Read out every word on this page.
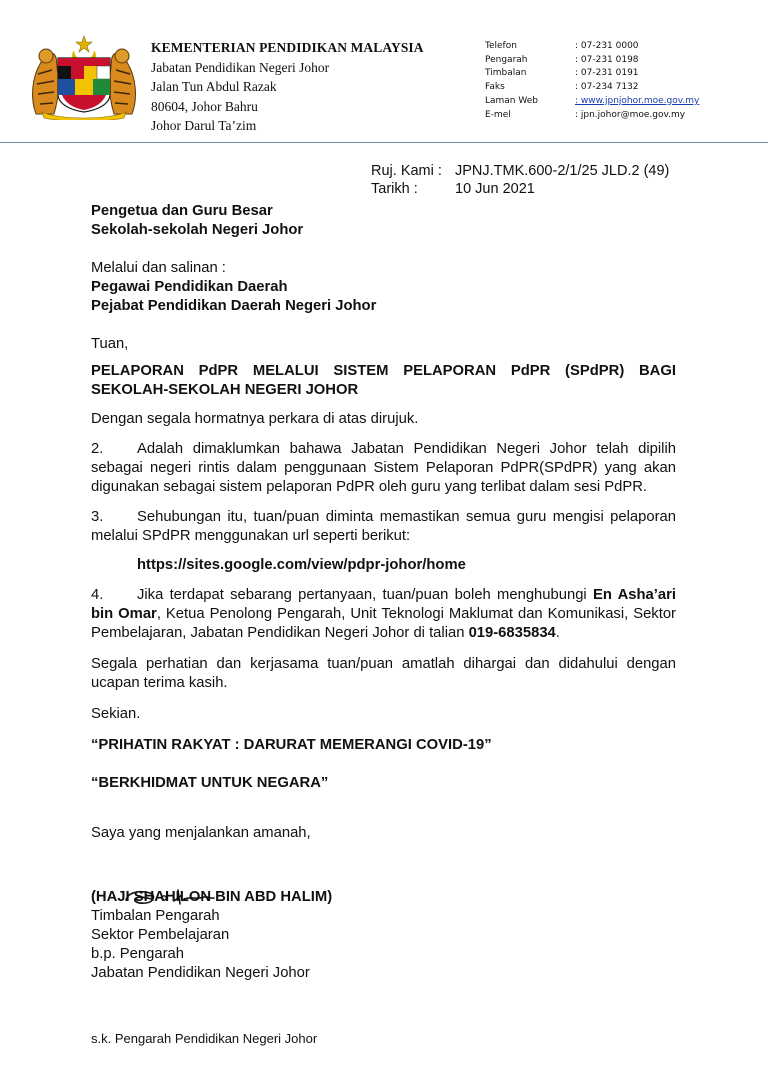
KEMENTERIAN PENDIDIKAN MALAYSIA
Jabatan Pendidikan Negeri Johor
Jalan Tun Abdul Razak
80604, Johor Bahru
Johor Darul Ta’zim
Telefon	: 07-231 0000
Pengarah	: 07-231 0198
Timbalan	: 07-231 0191
Faks	: 07-234 7132
Laman Web	: www.jpnjohor.moe.gov.my
E-mel	: jpn.johor@moe.gov.my
Ruj. Kami : JPNJ.TMK.600-2/1/25 JLD.2 (49)
Tarikh :	10 Jun 2021

Pengetua dan Guru Besar

Sekolah-sekolah Negeri Johor

Melalui dan salinan :

Pegawai Pendidikan Daerah

Pejabat Pendidikan Daerah Negeri Johor

Tuan,

PELAPORAN PdPR MELALUI SISTEM PELAPORAN PdPR (SPdPR) BAGI

SEKOLAH-SEKOLAH NEGERI JOHOR

Dengan segala hormatnya perkara di atas dirujuk.

2. Adalah dimaklumkan bahawa Jabatan Pendidikan Negeri Johor telah dipilih sebagai negeri rintis dalam penggunaan Sistem Pelaporan PdPR(SPdPR) yang akan digunakan sebagai sistem pelaporan PdPR oleh guru yang terlibat dalam sesi PdPR.

3. Sehubungan itu, tuan/puan diminta memastikan semua guru mengisi pelaporan melalui SPdPR menggunakan url seperti berikut:

https://sites.google.com/view/pdpr-johor/home

4. Jika terdapat sebarang pertanyaan, tuan/puan boleh menghubungi En Asha’ari bin Omar, Ketua Penolong Pengarah, Unit Teknologi Maklumat dan Komunikasi, Sektor Pembelajaran, Jabatan Pendidikan Negeri Johor di talian 019-6835834.

Segala perhatian dan kerjasama tuan/puan amatlah dihargai dan didahului dengan ucapan terima kasih.

Sekian.

“PRIHATIN RAKYAT : DARURAT MEMERANGI COVID-19”

“BERKHIDMAT UNTUK NEGARA”

Saya yang menjalankan amanah,

(HAJI SHAHILON BIN ABD HALIM)

Timbalan Pengarah

Sektor Pembelajaran

b.p. Pengarah

Jabatan Pendidikan Negeri Johor

s.k. Pengarah Pendidikan Negeri Johor
